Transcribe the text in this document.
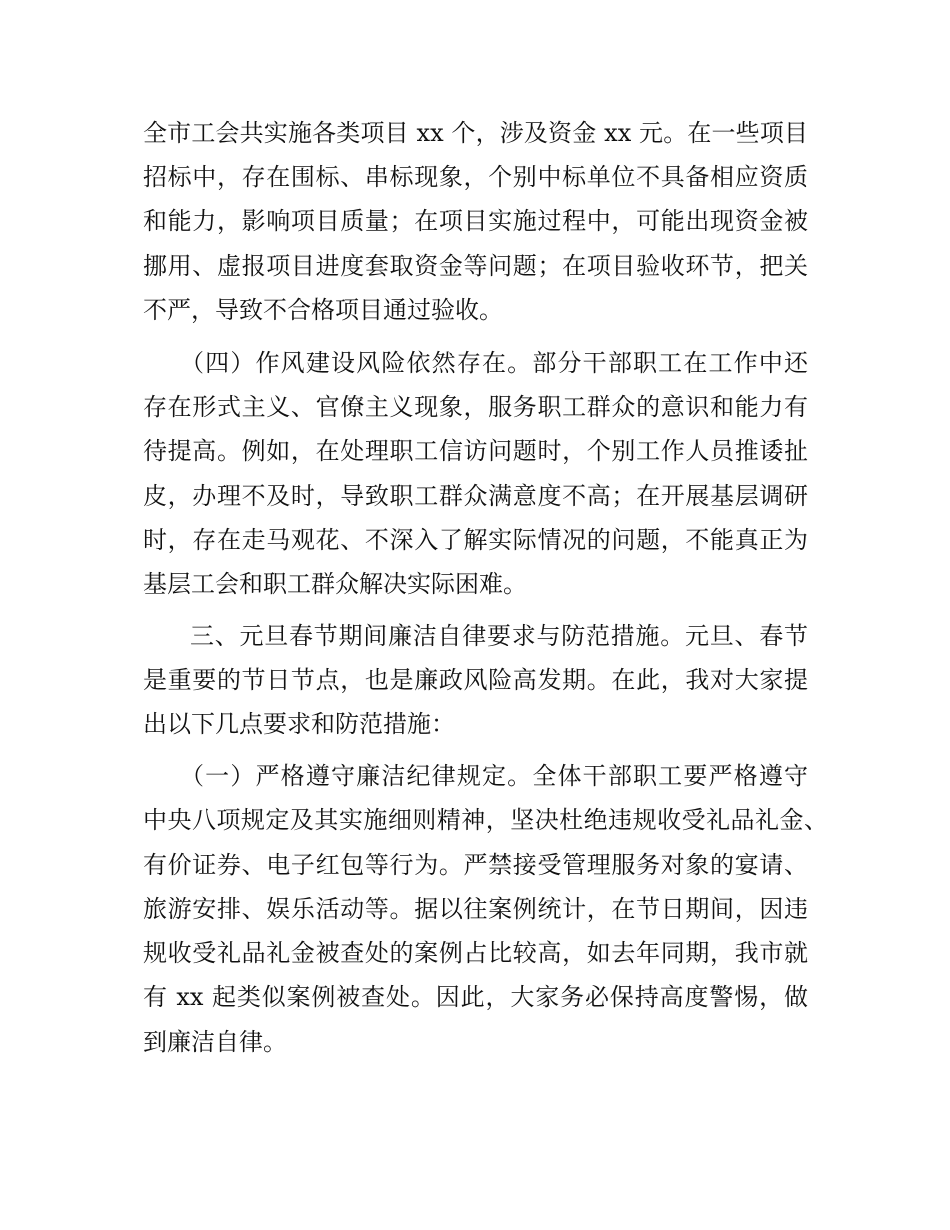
全市工会共实施各类项目 xx 个，涉及资金 xx 元。在一些项目
招标中，存在围标、串标现象，个别中标单位不具备相应资质
和能力，影响项目质量；在项目实施过程中，可能出现资金被
挪用、虚报项目进度套取资金等问题；在项目验收环节，把关
不严，导致不合格项目通过验收。
（四）作风建设风险依然存在。部分干部职工在工作中还
存在形式主义、官僚主义现象，服务职工群众的意识和能力有
待提高。例如，在处理职工信访问题时，个别工作人员推诿扯
皮，办理不及时，导致职工群众满意度不高；在开展基层调研
时，存在走马观花、不深入了解实际情况的问题，不能真正为
基层工会和职工群众解决实际困难。
三、元旦春节期间廉洁自律要求与防范措施。元旦、春节
是重要的节日节点，也是廉政风险高发期。在此，我对大家提
出以下几点要求和防范措施：
（一）严格遵守廉洁纪律规定。全体干部职工要严格遵守
中央八项规定及其实施细则精神，坚决杜绝违规收受礼品礼金、
有价证券、电子红包等行为。严禁接受管理服务对象的宴请、
旅游安排、娱乐活动等。据以往案例统计，在节日期间，因违
规收受礼品礼金被查处的案例占比较高，如去年同期，我市就
有 xx 起类似案例被查处。因此，大家务必保持高度警惕，做
到廉洁自律。
